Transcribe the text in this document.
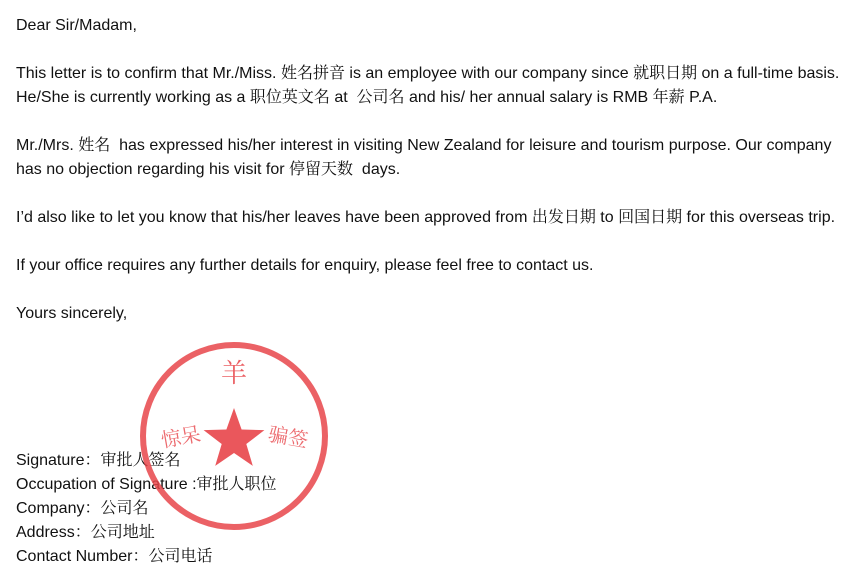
Dear Sir/Madam,

This letter is to confirm that Mr./Miss. 姓名拼音 is an employee with our company since 就职日期 on a full-time basis. He/She is currently working as a 职位英文名 at  公司名 and his/ her annual salary is RMB 年薪 P.A.

Mr./Mrs. 姓名  has expressed his/her interest in visiting New Zealand for leisure and tourism purpose. Our company has no objection regarding his visit for 停留天数  days.

I’d also like to let you know that his/her leaves have been approved from 出发日期 to 回国日期 for this overseas trip.

If your office requires any further details for enquiry, please feel free to contact us.

Yours sincerely,

Signature：审批人签名
Occupation of Signature :审批人职位
Company：公司名
Address：公司地址
Contact Number：公司电话
羊
惊呆	骗签
